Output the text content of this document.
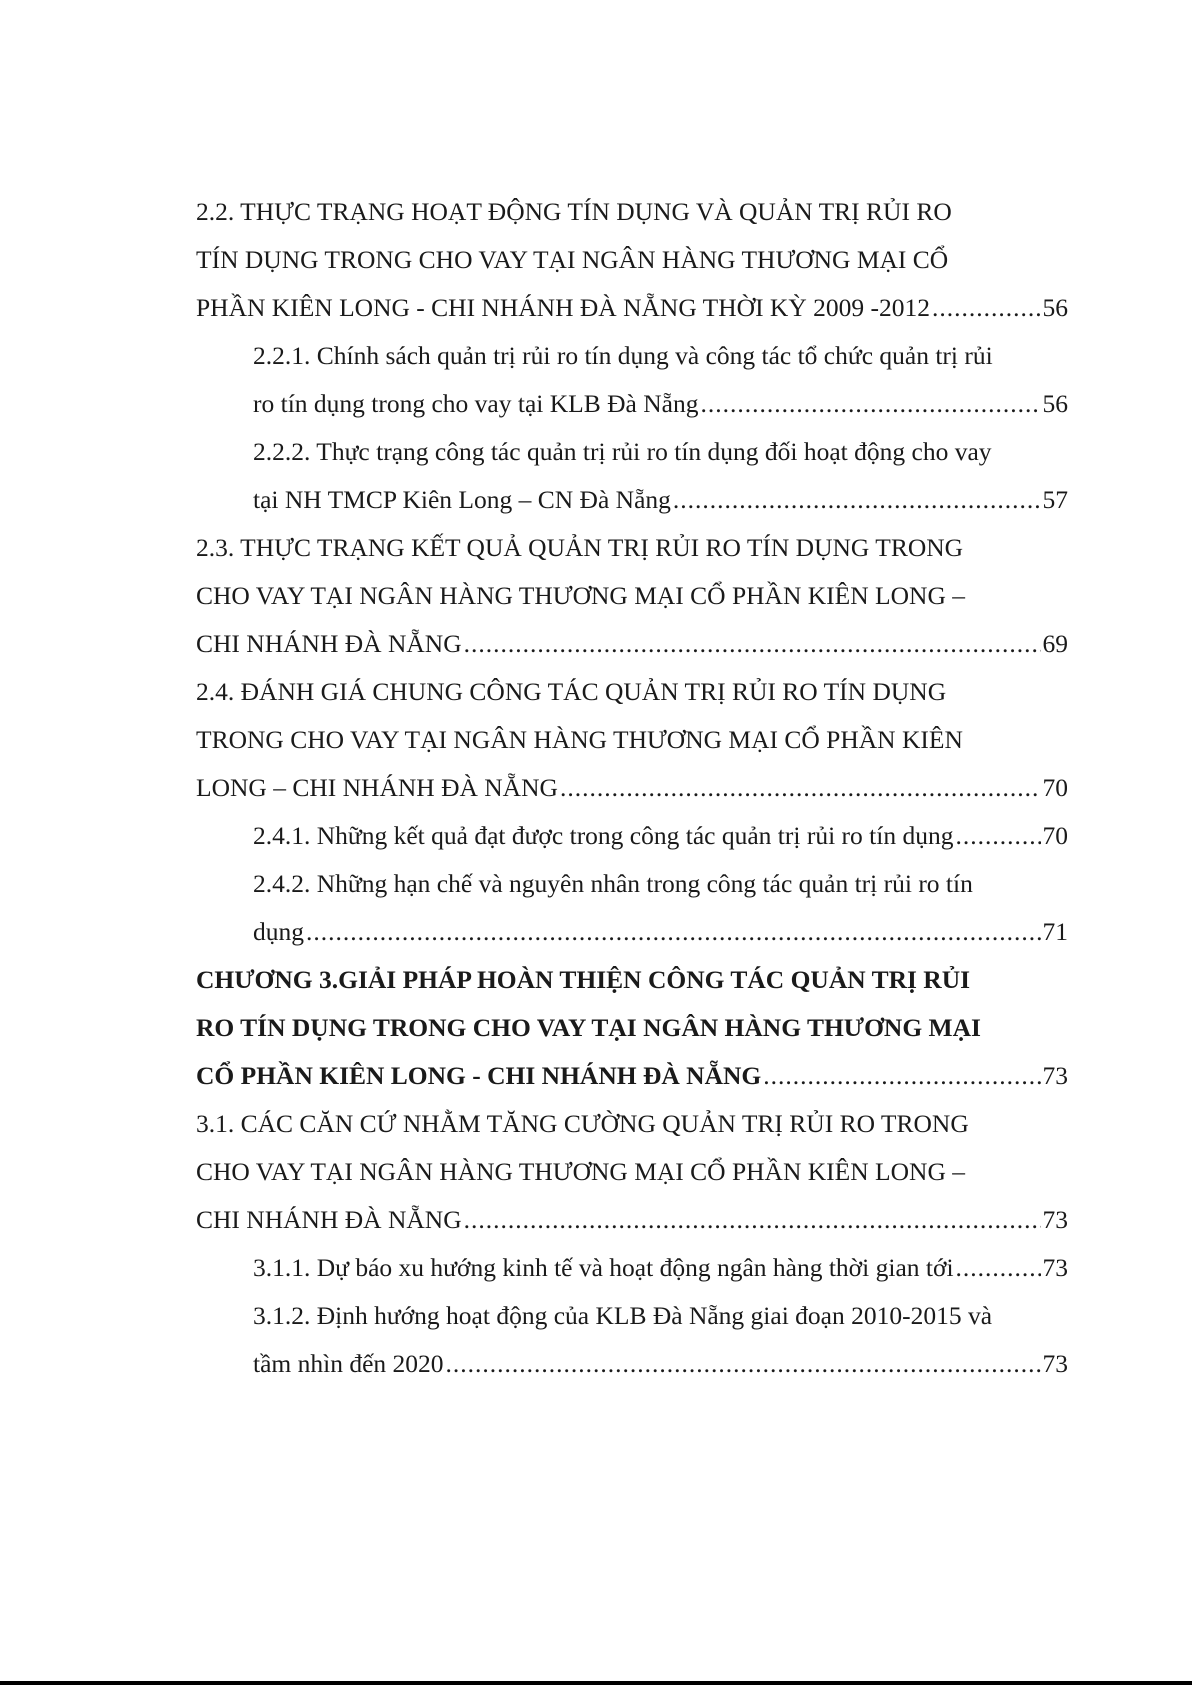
2.2. THỰC TRẠNG HOẠT ĐỘNG TÍN DỤNG VÀ QUẢN TRỊ RỦI RO
TÍN DỤNG TRONG CHO VAY TẠI NGÂN HÀNG THƯƠNG MẠI CỔ
PHẦN KIÊN LONG - CHI NHÁNH ĐÀ NẴNG THỜI KỲ 2009 -2012 .....	56
2.2.1. Chính sách quản trị rủi ro tín dụng và công tác tổ chức quản trị rủi
ro tín dụng trong cho vay tại KLB Đà Nẵng .....	56
2.2.2. Thực trạng công tác quản trị rủi ro tín dụng đối hoạt động cho vay
tại NH TMCP Kiên Long – CN Đà Nẵng .....	57
2.3. THỰC TRẠNG KẾT QUẢ QUẢN TRỊ RỦI RO TÍN DỤNG TRONG
CHO VAY TẠI NGÂN HÀNG THƯƠNG MẠI CỔ PHẦN KIÊN LONG –
CHI NHÁNH ĐÀ NẴNG .....	69
2.4. ĐÁNH GIÁ CHUNG CÔNG TÁC QUẢN TRỊ RỦI RO TÍN DỤNG
TRONG CHO VAY TẠI NGÂN HÀNG THƯƠNG MẠI CỔ PHẦN KIÊN
LONG – CHI NHÁNH ĐÀ NẴNG .....	70
2.4.1. Những kết quả đạt được trong công tác quản trị rủi ro tín dụng .....	70
2.4.2. Những hạn chế và nguyên nhân trong công tác quản trị rủi ro tín
dụng .....	71
CHƯƠNG 3.GIẢI PHÁP HOÀN THIỆN CÔNG TÁC QUẢN TRỊ RỦI
RO TÍN DỤNG TRONG CHO VAY TẠI NGÂN HÀNG THƯƠNG MẠI
CỔ PHẦN KIÊN LONG - CHI NHÁNH ĐÀ NẴNG .....	73
3.1. CÁC CĂN CỨ NHẰM TĂNG CƯỜNG QUẢN TRỊ RỦI RO TRONG
CHO VAY TẠI NGÂN HÀNG THƯƠNG MẠI CỔ PHẦN KIÊN LONG –
CHI NHÁNH ĐÀ NẴNG .....	73
3.1.1. Dự báo xu hướng kinh tế và hoạt động ngân hàng thời gian tới .....	73
3.1.2. Định hướng hoạt động của KLB Đà Nẵng giai đoạn 2010-2015 và
tầm nhìn đến 2020 .....	73
